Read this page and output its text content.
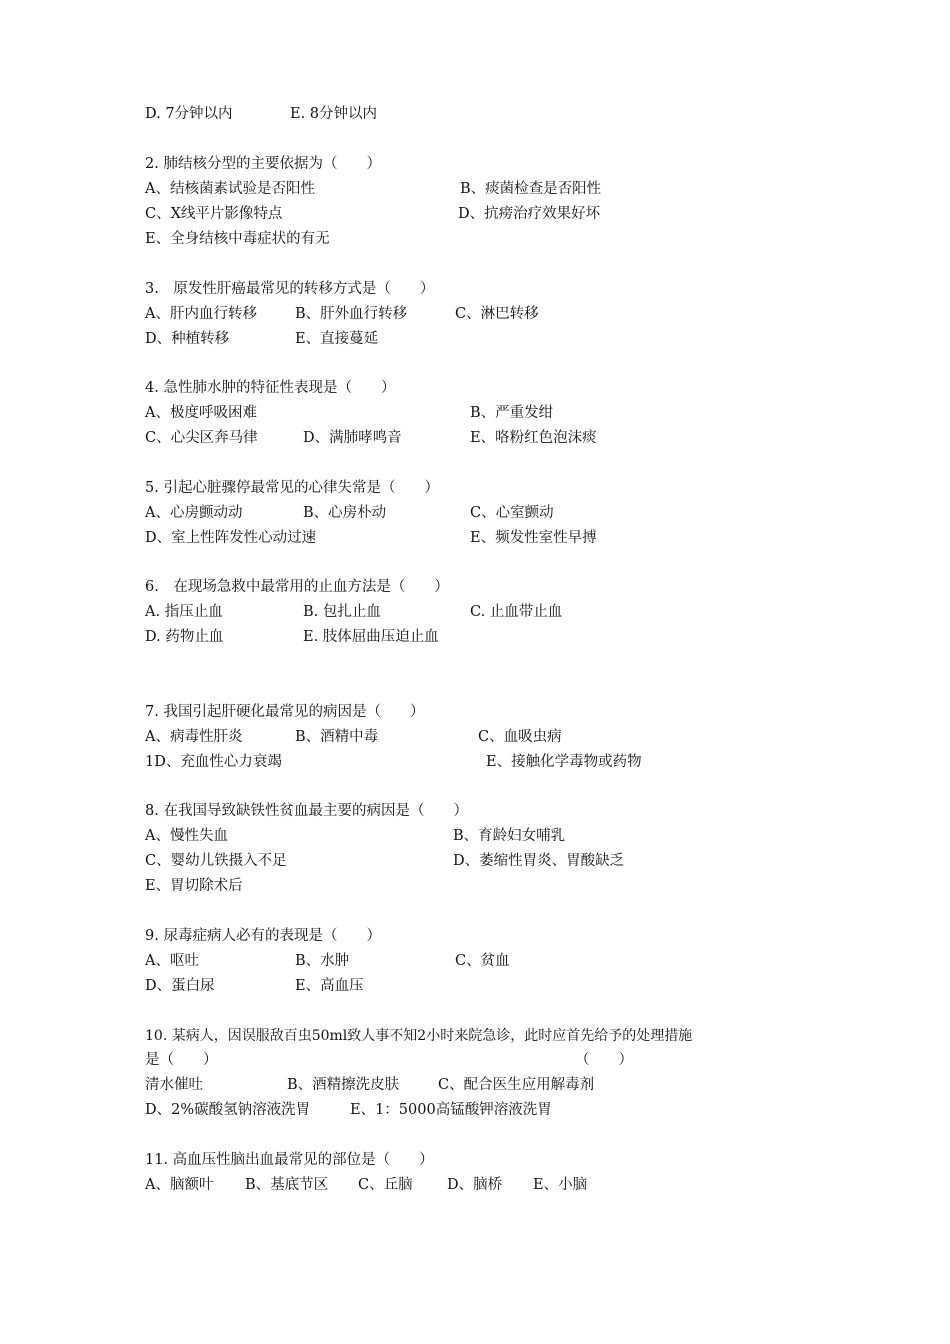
D. 7分钟以内	E. 8分钟以内
2. 肺结核分型的主要依据为（　　）
A、结核菌素试验是否阳性	B、痰菌检查是否阳性
C、X线平片影像特点	D、抗痨治疗效果好坏
E、全身结核中毒症状的有无
3.　原发性肝癌最常见的转移方式是（　　）
A、肝内血行转移	B、肝外血行转移	C、淋巴转移
D、种植转移	E、直接蔓延
4. 急性肺水肿的特征性表现是（　　）
A、极度呼吸困难	B、严重发绀
C、心尖区奔马律	D、满肺哮鸣音	E、咯粉红色泡沫痰
5. 引起心脏骤停最常见的心律失常是（　　）
A、心房颤动动	B、心房朴动	C、心室颤动
D、室上性阵发性心动过速	E、频发性室性早搏
6.　在现场急救中最常用的止血方法是（　　）
A. 指压止血	B. 包扎止血	C. 止血带止血
D. 药物止血	E. 肢体屈曲压迫止血
7. 我国引起肝硬化最常见的病因是（　　）
A、病毒性肝炎	B、酒精中毒	C、血吸虫病
1D、充血性心力衰竭	E、接触化学毒物或药物
8. 在我国导致缺铁性贫血最主要的病因是（　　）
A、慢性失血	B、育龄妇女哺乳
C、婴幼儿铁摄入不足	D、萎缩性胃炎、胃酸缺乏
E、胃切除术后
9. 尿毒症病人必有的表现是（　　）
A、呕吐	B、水肿	C、贫血
D、蛋白尿	E、高血压
10. 某病人，因误服敌百虫50ml致人事不知2小时来院急诊，此时应首先给予的处理措施
是（　　）	（　　）
清水催吐	B、酒精擦洗皮肤	C、配合医生应用解毒剂
D、2%碳酸氢钠溶液洗胃	E、1：5000高锰酸钾溶液洗胃
11. 高血压性脑出血最常见的部位是（　　）
A、脑额叶 B、基底节区 C、丘脑 D、脑桥 E、小脑
